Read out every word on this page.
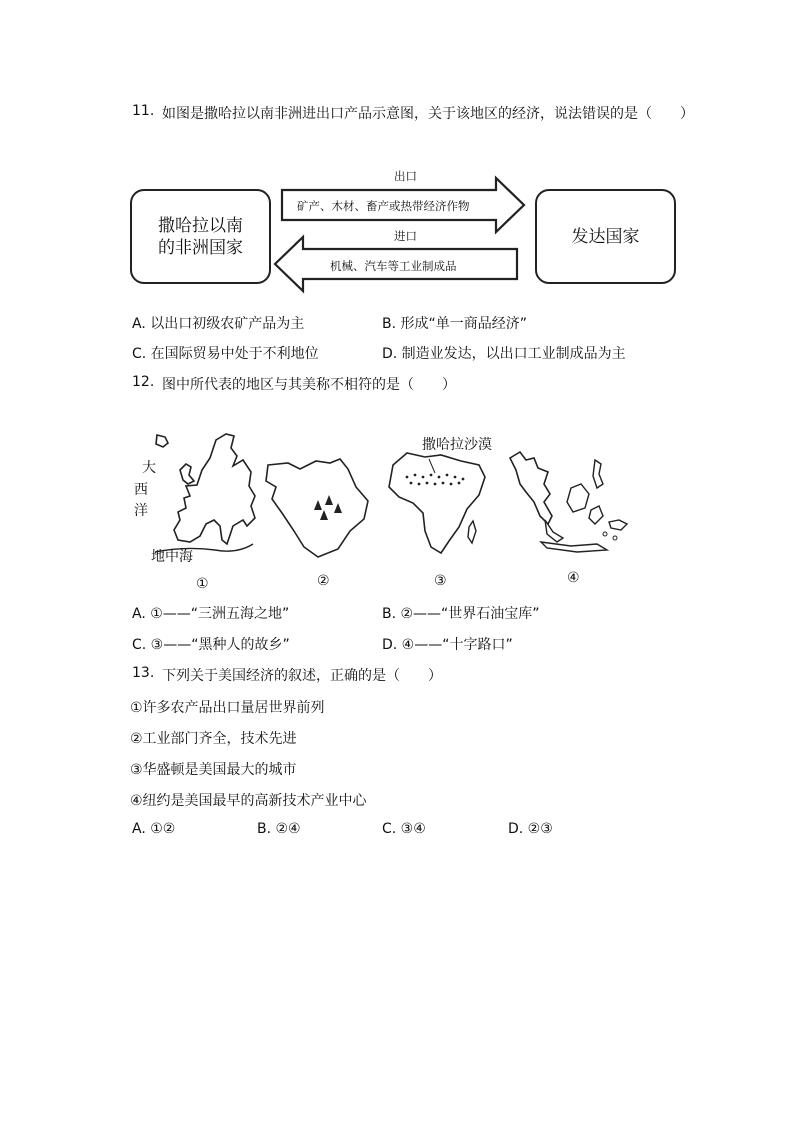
11. 如图是撒哈拉以南非洲进出口产品示意图，关于该地区的经济，说法错误的是（　　）
撒哈拉以南
的非洲国家
发达国家
出口
矿产、木材、畜产或热带经济作物
进口
机械、汽车等工业制成品
A. 以出口初级农矿产品为主	B. 形成“单一商品经济”
C. 在国际贸易中处于不利地位	D. 制造业发达，以出口工业制成品为主
12. 图中所代表的地区与其美称不相符的是（　　）
大
西
洋
地中海
撒哈拉沙漠
①	②	③	④
A. ①——“三洲五海之地”	B. ②——“世界石油宝库”
C. ③——“黑种人的故乡”	D. ④——“十字路口”
13. 下列关于美国经济的叙述，正确的是（　　）
①许多农产品出口量居世界前列
②工业部门齐全，技术先进
③华盛顿是美国最大的城市
④纽约是美国最早的高新技术产业中心
A. ①②	B. ②④	C. ③④	D. ②③
